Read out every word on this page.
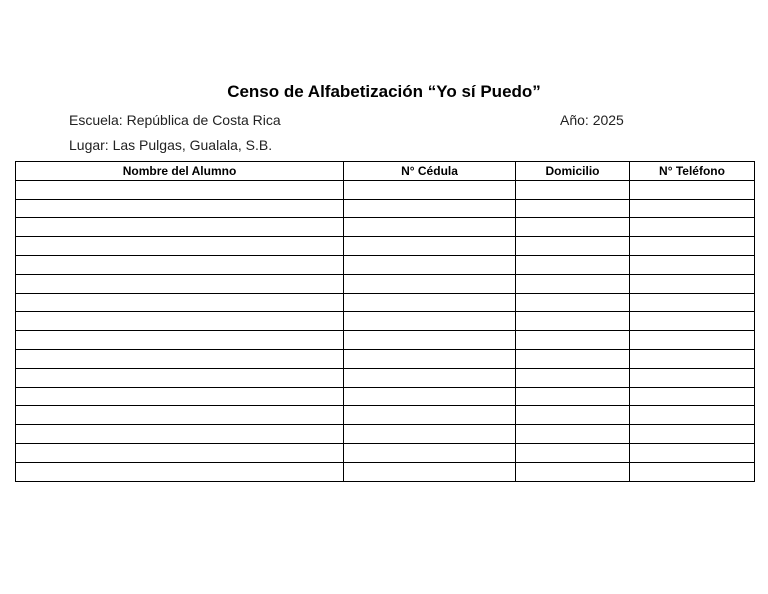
Censo de Alfabetización “Yo sí Puedo”
Escuela: República de Costa Rica	Año: 2025
Lugar: Las Pulgas, Gualala, S.B.
Nombre del Alumno	N° Cédula	Domicilio	N° Teléfono
